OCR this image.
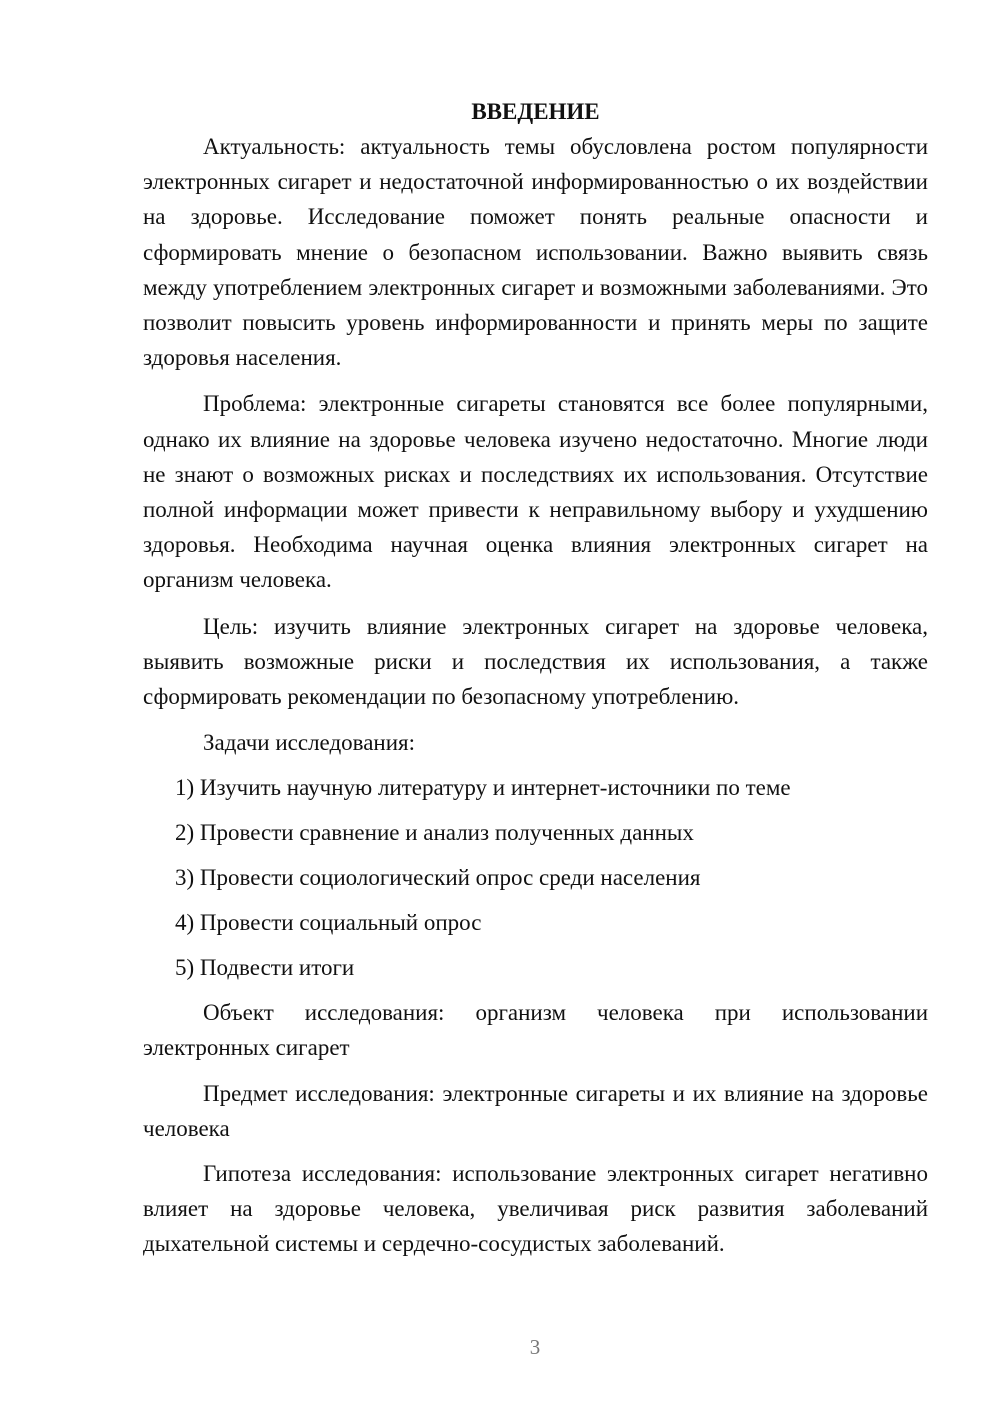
ВВЕДЕНИЕ

Актуальность: актуальность темы обусловлена ростом популярности электронных сигарет и недостаточной информированностью о их воздействии на здоровье. Исследование поможет понять реальные опасности и сформировать мнение о безопасном использовании. Важно выявить связь между употреблением электронных сигарет и возможными заболеваниями. Это позволит повысить уровень информированности и принять меры по защите здоровья населения.

Проблема: электронные сигареты становятся все более популярными, однако их влияние на здоровье человека изучено недостаточно. Многие люди не знают о возможных рисках и последствиях их использования. Отсутствие полной информации может привести к неправильному выбору и ухудшению здоровья. Необходима научная оценка влияния электронных сигарет на организм человека.

Цель: изучить влияние электронных сигарет на здоровье человека, выявить возможные риски и последствия их использования, а также сформировать рекомендации по безопасному употреблению.

Задачи исследования:
1) Изучить научную литературу и интернет-источники по теме
2) Провести сравнение и анализ полученных данных
3) Провести социологический опрос среди населения
4) Провести социальный опрос
5) Подвести итоги

Объект исследования: организм человека при использовании электронных сигарет

Предмет исследования: электронные сигареты и их влияние на здоровье человека

Гипотеза исследования: использование электронных сигарет негативно влияет на здоровье человека, увеличивая риск развития заболеваний дыхательной системы и сердечно-сосудистых заболеваний.

3
